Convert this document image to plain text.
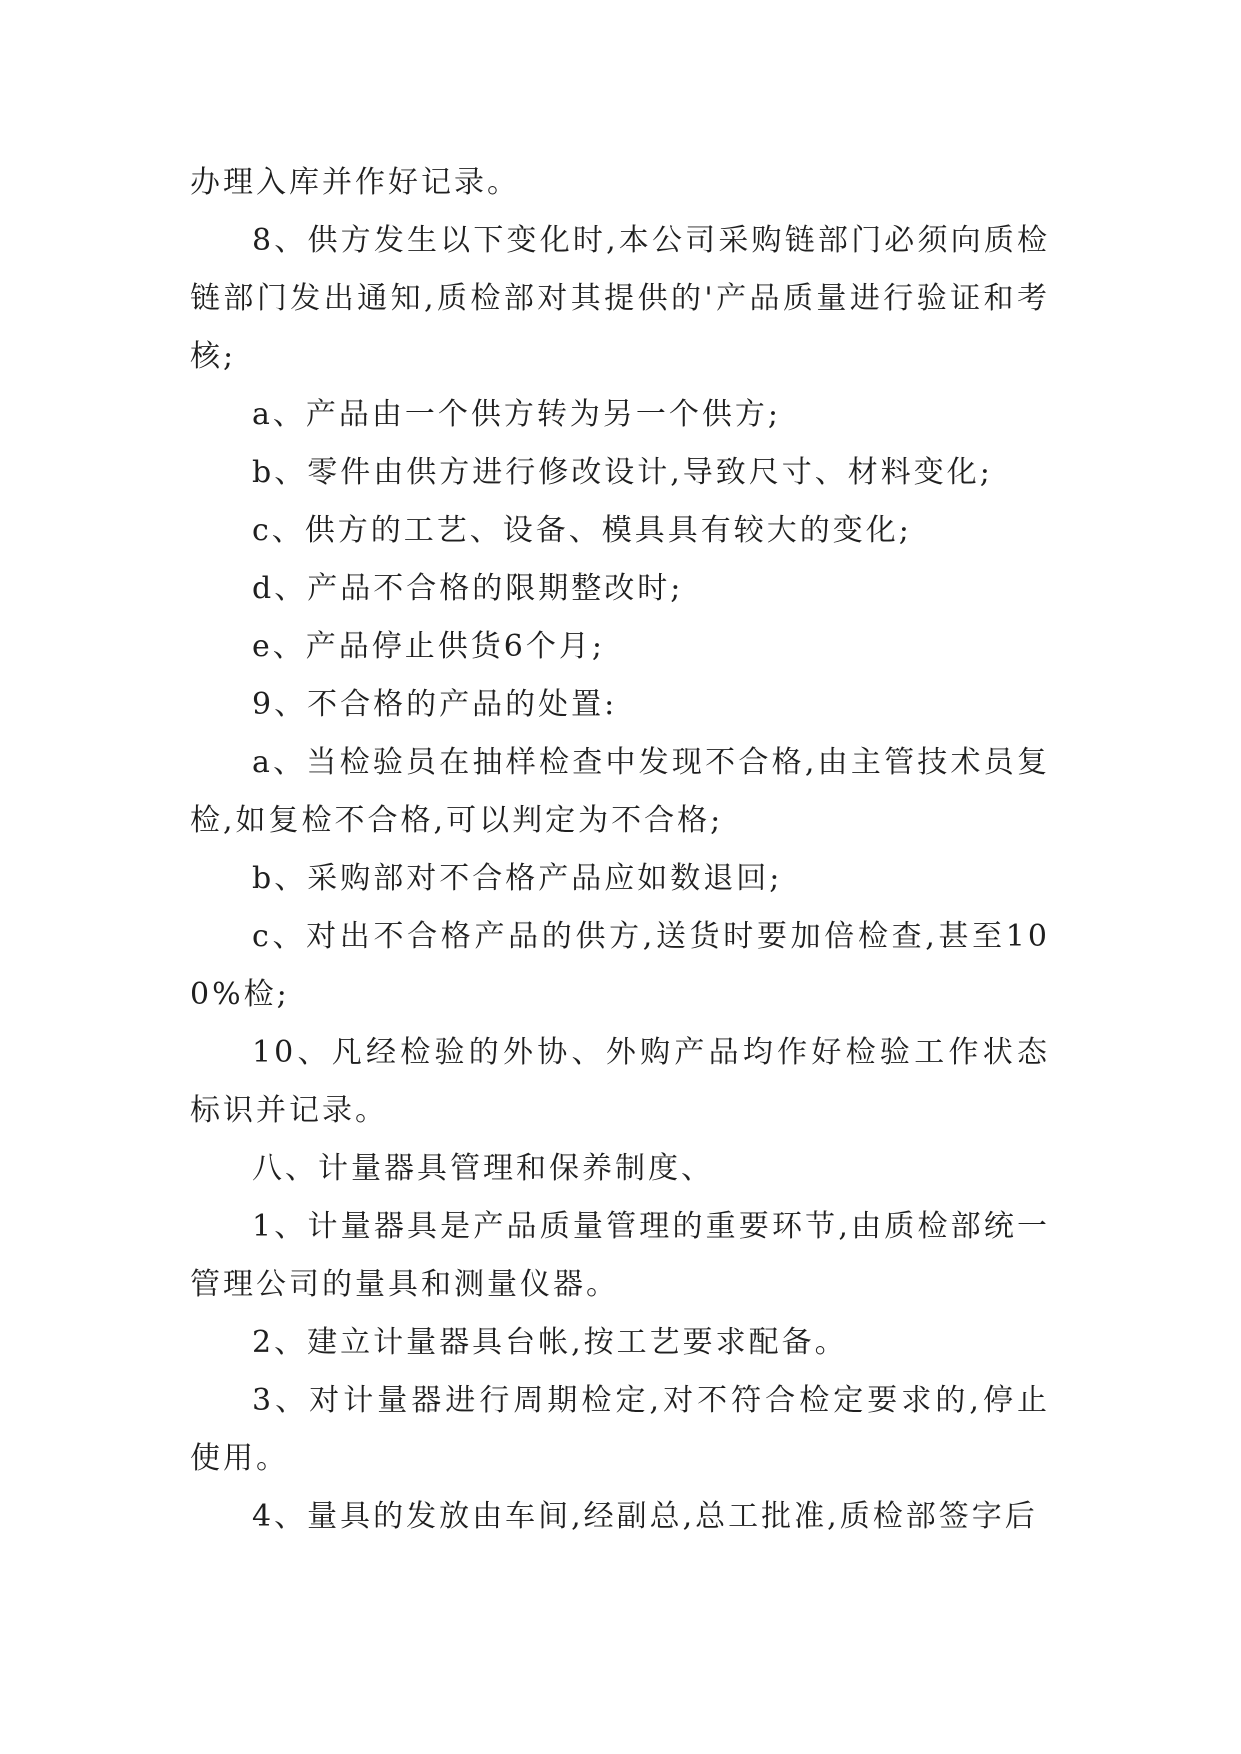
办理入库并作好记录。

8、供方发生以下变化时,本公司采购链部门必须向质检链部门发出通知,质检部对其提供的'产品质量进行验证和考核;

a、产品由一个供方转为另一个供方;

b、零件由供方进行修改设计,导致尺寸、材料变化;

c、供方的工艺、设备、模具具有较大的变化;

d、产品不合格的限期整改时;

e、产品停止供货6个月;

9、不合格的产品的处置:

a、当检验员在抽样检查中发现不合格,由主管技术员复检,如复检不合格,可以判定为不合格;

b、采购部对不合格产品应如数退回;

c、对出不合格产品的供方,送货时要加倍检查,甚至100%检;

10、凡经检验的外协、外购产品均作好检验工作状态标识并记录。

八、计量器具管理和保养制度、

1、计量器具是产品质量管理的重要环节,由质检部统一管理公司的量具和测量仪器。

2、建立计量器具台帐,按工艺要求配备。

3、对计量器进行周期检定,对不符合检定要求的,停止使用。

4、量具的发放由车间,经副总,总工批准,质检部签字后
